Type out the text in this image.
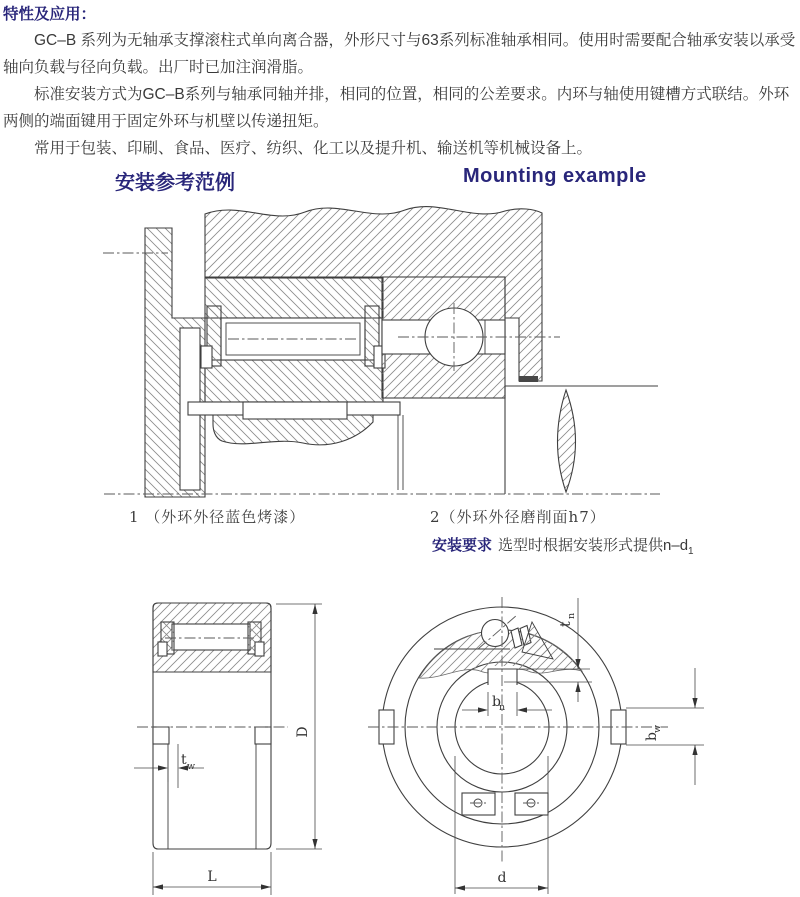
特性及应用：

GC–B 系列为无轴承支撑滚柱式单向离合器，外形尺寸与63系列标准轴承相同。使用时需要配合轴承安装以承受轴向负载与径向负载。出厂时已加注润滑脂。

标准安装方式为GC–B系列与轴承同轴并排，相同的位置，相同的公差要求。内环与轴使用键槽方式联结。外环两侧的端面键用于固定外环与机壁以传递扭矩。

常用于包装、印刷、食品、医疗、纺织、化工以及提升机、输送机等机械设备上。

安装参考范例	Mounting example
1 （外环外径蓝色烤漆）	2（外环外径磨削面h7）
安装要求 选型时根据安装形式提供$n-d_1$
t w
D
L
b
n
t
n
b
w
d
